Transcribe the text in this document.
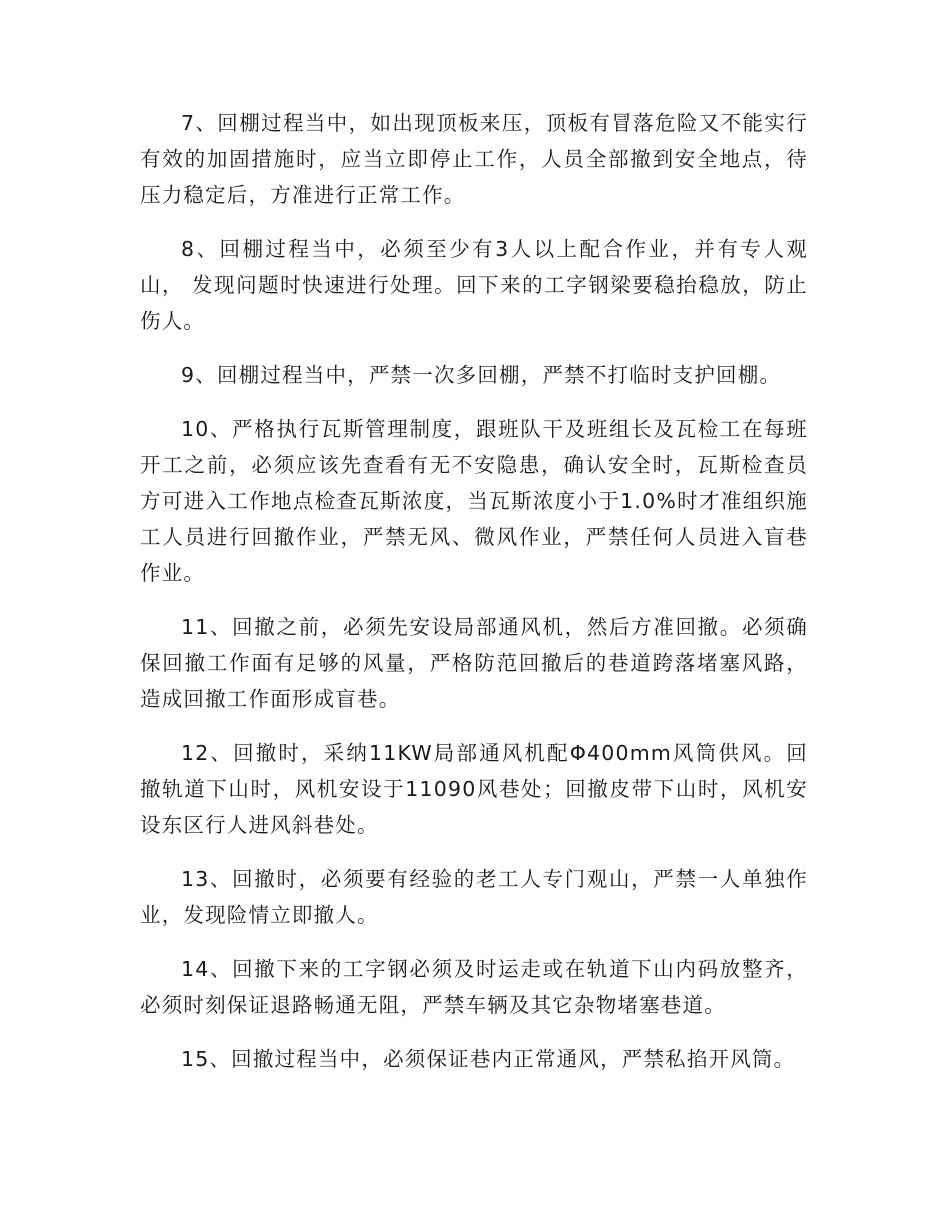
7、回棚过程当中，如出现顶板来压，顶板有冒落危险又不能实行有效的加固措施时，应当立即停止工作，人员全部撤到安全地点，待压力稳定后，方准进行正常工作。

8、回棚过程当中，必须至少有3人以上配合作业，并有专人观山， 发现问题时快速进行处理。回下来的工字钢梁要稳抬稳放，防止伤人。

9、回棚过程当中，严禁一次多回棚，严禁不打临时支护回棚。

10、严格执行瓦斯管理制度，跟班队干及班组长及瓦检工在每班开工之前，必须应该先查看有无不安隐患，确认安全时，瓦斯检查员方可进入工作地点检查瓦斯浓度，当瓦斯浓度小于1.0%时才准组织施工人员进行回撤作业，严禁无风、微风作业，严禁任何人员进入盲巷作业。

11、回撤之前，必须先安设局部通风机，然后方准回撤。必须确保回撤工作面有足够的风量，严格防范回撤后的巷道跨落堵塞风路，造成回撤工作面形成盲巷。

12、回撤时，采纳11KW局部通风机配Φ400mm风筒供风。回撤轨道下山时，风机安设于11090风巷处；回撤皮带下山时，风机安设东区行人进风斜巷处。

13、回撤时，必须要有经验的老工人专门观山，严禁一人单独作业，发现险情立即撤人。

14、回撤下来的工字钢必须及时运走或在轨道下山内码放整齐，必须时刻保证退路畅通无阻，严禁车辆及其它杂物堵塞巷道。

15、回撤过程当中，必须保证巷内正常通风，严禁私掐开风筒。
